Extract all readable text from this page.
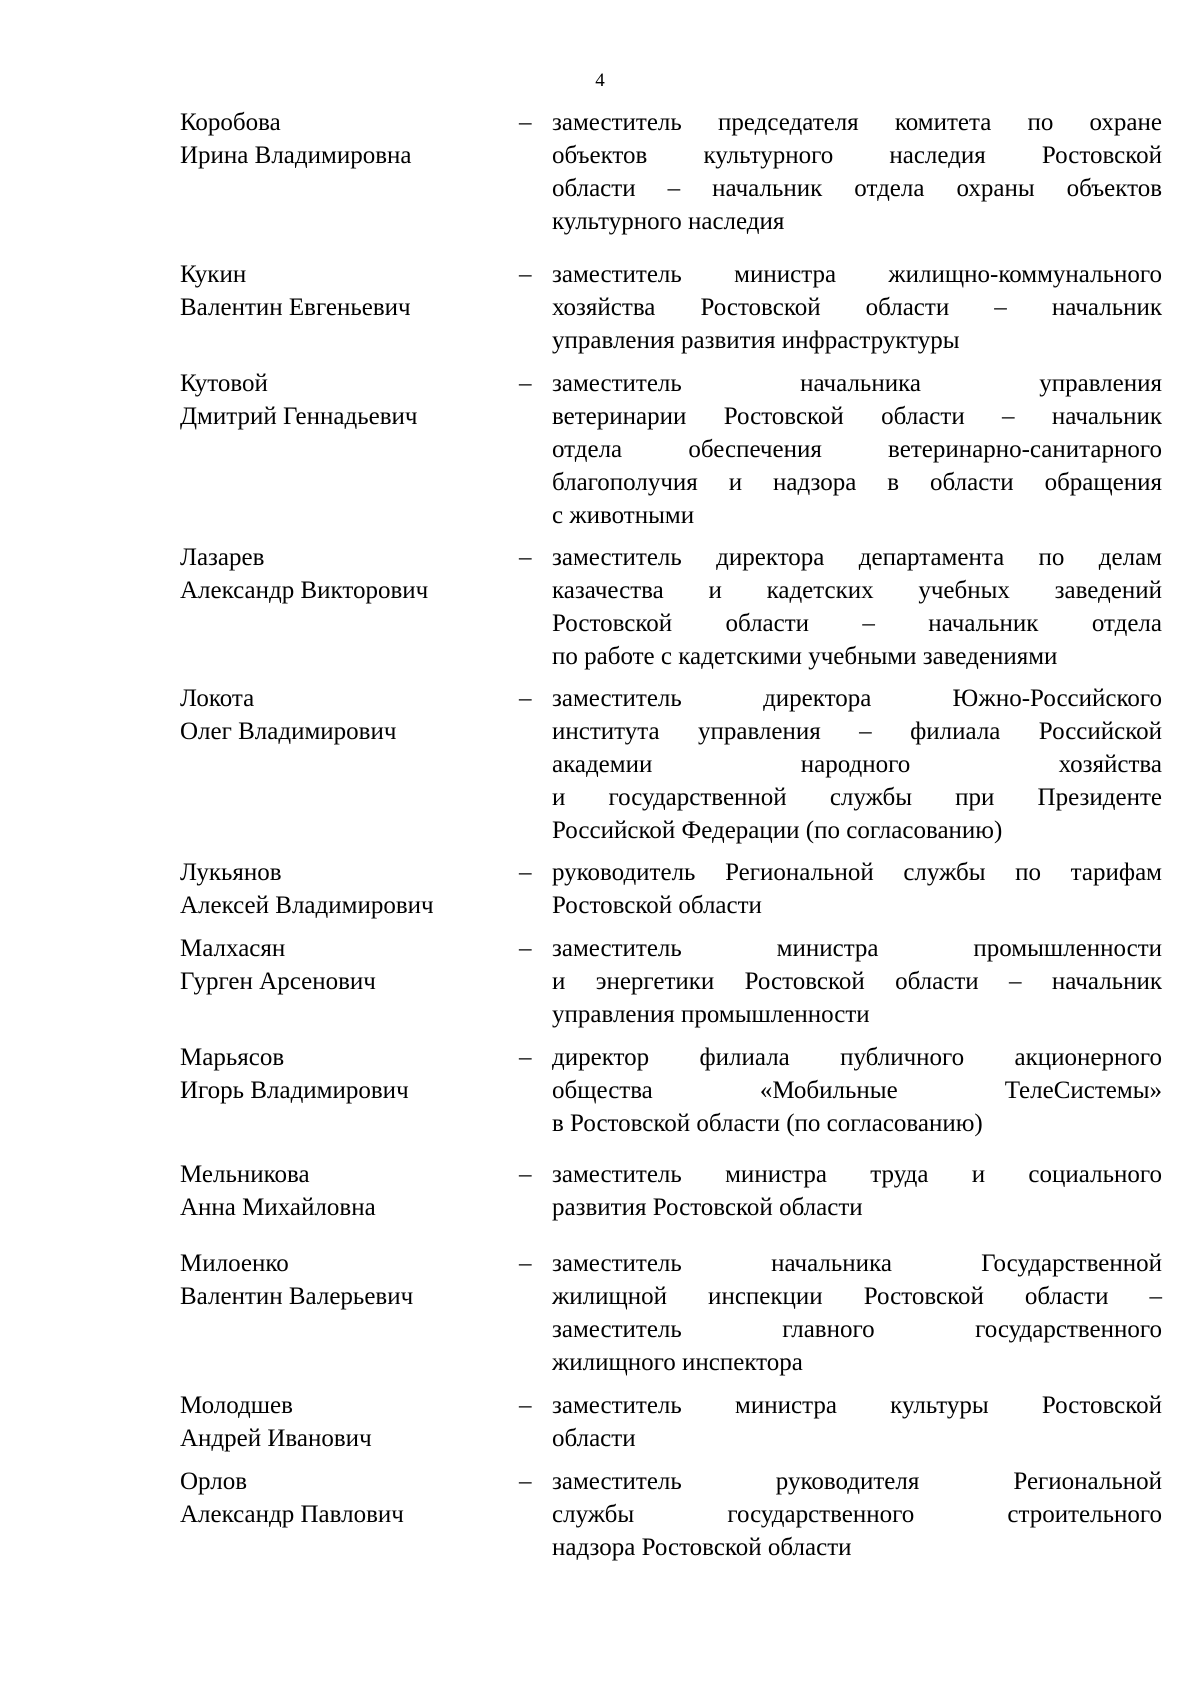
4
Коробова
Ирина Владимировна
– заместитель председателя комитета по охране
объектов культурного наследия Ростовской
области – начальник отдела охраны объектов
культурного наследия
Кукин
Валентин Евгеньевич
– заместитель министра жилищно-коммунального
хозяйства Ростовской области – начальник
управления развития инфраструктуры
Кутовой
Дмитрий Геннадьевич
– заместитель начальника управления
ветеринарии Ростовской области – начальник
отдела обеспечения ветеринарно-санитарного
благополучия и надзора в области обращения
с животными
Лазарев
Александр Викторович
– заместитель директора департамента по делам
казачества и кадетских учебных заведений
Ростовской области – начальник отдела
по работе с кадетскими учебными заведениями
Локота
Олег Владимирович
– заместитель директора Южно-Российского
института управления – филиала Российской
академии народного хозяйства
и государственной службы при Президенте
Российской Федерации (по согласованию)
Лукьянов
Алексей Владимирович
– руководитель Региональной службы по тарифам
Ростовской области
Малхасян
Гурген Арсенович
– заместитель министра промышленности
и энергетики Ростовской области – начальник
управления промышленности
Марьясов
Игорь Владимирович
– директор филиала публичного акционерного
общества «Мобильные ТелеСистемы»
в Ростовской области (по согласованию)
Мельникова
Анна Михайловна
– заместитель министра труда и социального
развития Ростовской области
Милоенко
Валентин Валерьевич
– заместитель начальника Государственной
жилищной инспекции Ростовской области –
заместитель главного государственного
жилищного инспектора
Молодшев
Андрей Иванович
– заместитель министра культуры Ростовской
области
Орлов
Александр Павлович
– заместитель руководителя Региональной
службы государственного строительного
надзора Ростовской области
